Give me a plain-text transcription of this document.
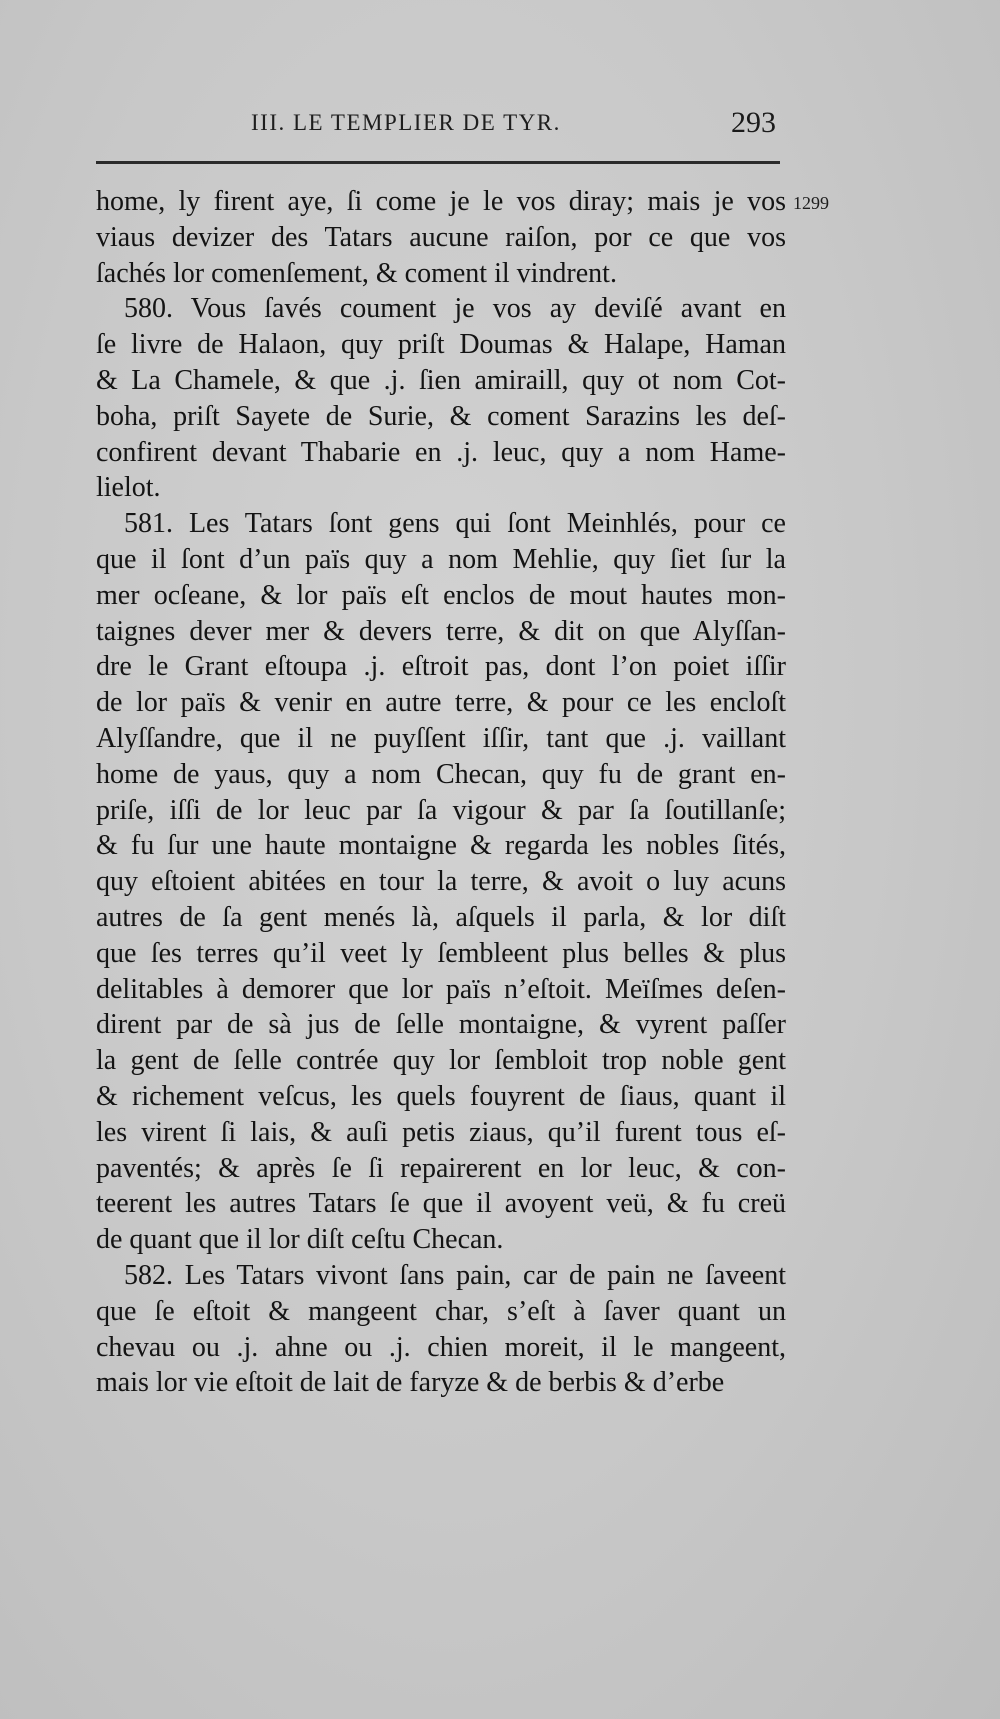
III. LE TEMPLIER DE TYR.	293
1299
home, ly firent aye, ſi come je le vos diray; mais je vos
viaus devizer des Tatars aucune raiſon, por ce que vos
ſachés lor comenſement, & coment il vindrent.
580. Vous ſavés coument je vos ay deviſé avant en
ſe livre de Halaon, quy priſt Doumas & Halape, Haman
& La Chamele, & que .j. ſien amiraill, quy ot nom Cot-
boha, priſt Sayete de Surie, & coment Sarazins les deſ-
confirent devant Thabarie en .j. leuc, quy a nom Hame-
lielot.
581. Les Tatars ſont gens qui ſont Meinhlés, pour ce
que il ſont d’un païs quy a nom Mehlie, quy ſiet ſur la
mer ocſeane, & lor païs eſt enclos de mout hautes mon-
taignes dever mer & devers terre, & dit on que Alyſſan-
dre le Grant eſtoupa .j. eſtroit pas, dont l’on poiet iſſir
de lor païs & venir en autre terre, & pour ce les encloſt
Alyſſandre, que il ne puyſſent iſſir, tant que .j. vaillant
home de yaus, quy a nom Checan, quy fu de grant en-
priſe, iſſi de lor leuc par ſa vigour & par ſa ſoutillanſe;
& fu ſur une haute montaigne & regarda les nobles ſités,
quy eſtoient abitées en tour la terre, & avoit o luy acuns
autres de ſa gent menés là, aſquels il parla, & lor diſt
que ſes terres qu’il veet ly ſembleent plus belles & plus
delitables à demorer que lor païs n’eſtoit. Meïſmes deſen-
dirent par de sà jus de ſelle montaigne, & vyrent paſſer
la gent de ſelle contrée quy lor ſembloit trop noble gent
& richement veſcus, les quels fouyrent de ſiaus, quant il
les virent ſi lais, & auſi petis ziaus, qu’il furent tous eſ-
paventés; & après ſe ſi repairerent en lor leuc, & con-
teerent les autres Tatars ſe que il avoyent veü, & fu creü
de quant que il lor diſt ceſtu Checan.
582. Les Tatars vivont ſans pain, car de pain ne ſaveent
que ſe eſtoit & mangeent char, s’eſt à ſaver quant un
chevau ou .j. ahne ou .j. chien moreit, il le mangeent,
mais lor vie eſtoit de lait de faryze & de berbis & d’erbe
